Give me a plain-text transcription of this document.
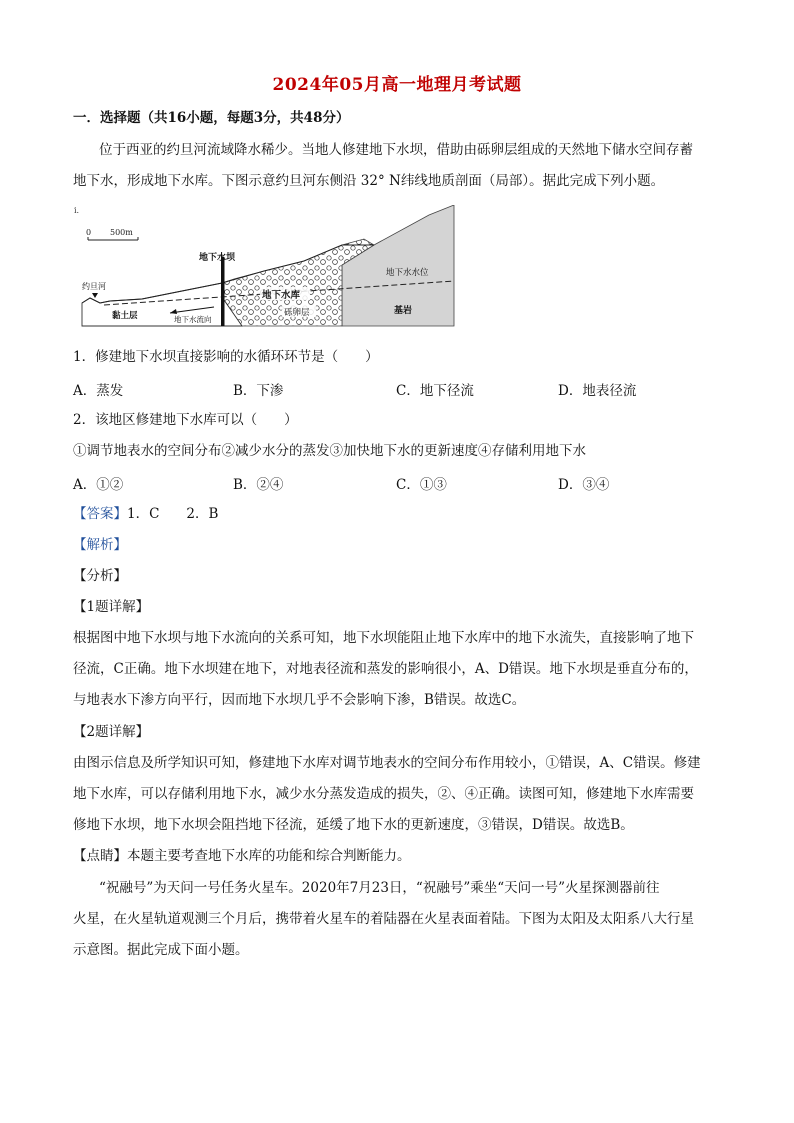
2024年05月高一地理月考试题
一．选择题（共16小题，每题3分，共48分）
位于西亚的约旦河流域降水稀少。当地人修建地下水坝，借助由砾卵层组成的天然地下储水空间存蓄
地下水，形成地下水库。下图示意约旦河东侧沿 32° N纬线地质剖面（局部）。据此完成下列小题。
i.
0 500m
地下水坝
约旦河
黏土层	地下水流向
地下水库
砾卵层
地下水水位
基岩
1．修建地下水坝直接影响的水循环环节是（　　）
A．蒸发	B．下渗	C．地下径流	D．地表径流
2．该地区修建地下水库可以（　　）
①调节地表水的空间分布②减少水分的蒸发③加快地下水的更新速度④存储利用地下水
A．①②	B．②④	C．①③	D．③④
【答案】1．C　　2．B
【解析】
【分析】
【1题详解】
根据图中地下水坝与地下水流向的关系可知，地下水坝能阻止地下水库中的地下水流失，直接影响了地下
径流，C正确。地下水坝建在地下，对地表径流和蒸发的影响很小，A、D错误。地下水坝是垂直分布的，
与地表水下渗方向平行，因而地下水坝几乎不会影响下渗，B错误。故选C。
【2题详解】
由图示信息及所学知识可知，修建地下水库对调节地表水的空间分布作用较小，①错误，A、C错误。修建
地下水库，可以存储利用地下水，减少水分蒸发造成的损失，②、④正确。读图可知，修建地下水库需要
修地下水坝，地下水坝会阻挡地下径流，延缓了地下水的更新速度，③错误，D错误。故选B。
【点睛】本题主要考查地下水库的功能和综合判断能力。
“祝融号”为天问一号任务火星车。2020年7月23日，“祝融号”乘坐“天问一号”火星探测器前往
火星，在火星轨道观测三个月后，携带着火星车的着陆器在火星表面着陆。下图为太阳及太阳系八大行星
示意图。据此完成下面小题。
